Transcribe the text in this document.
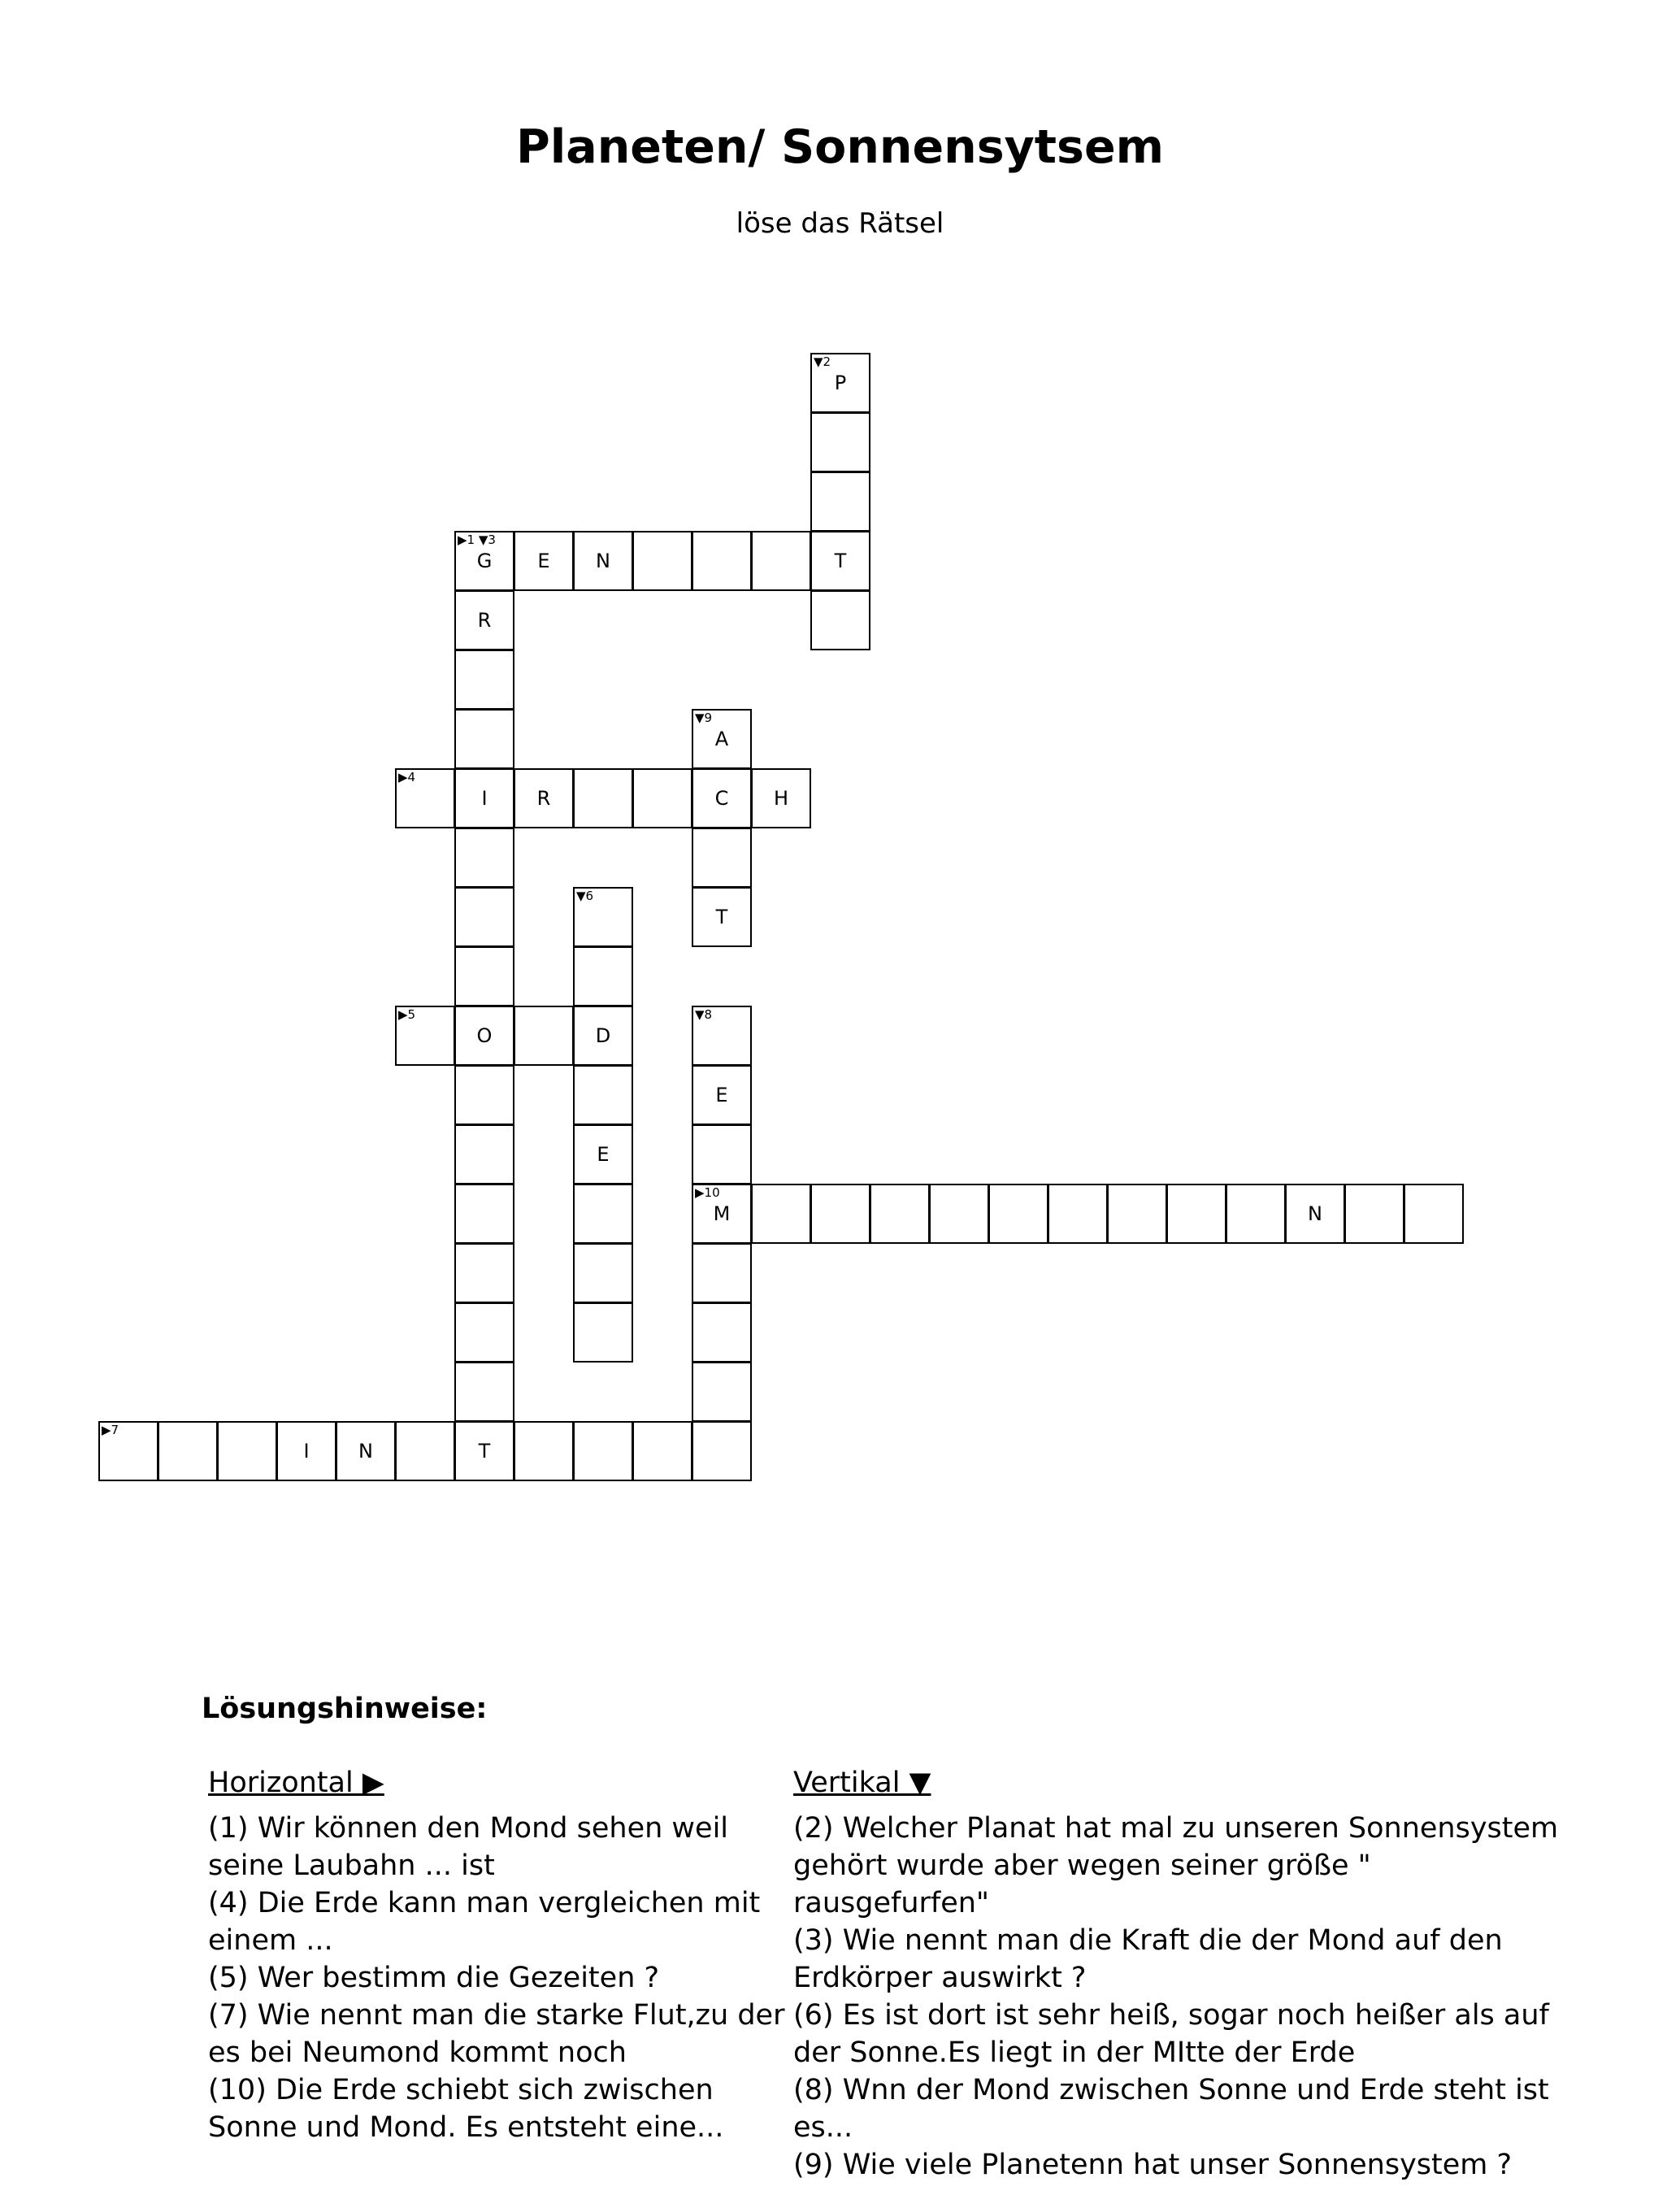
Planeten/ Sonnensytsem
löse das Rätsel
▼2
P
▶1 ▼3
G	E	N	T
R
▼9
A
▶4
I	R	C	H
▼6
T
▶5
O	D
▼8
E
E
▶10
M	N
▶7
I	N	T
Lösungshinweise:
Horizontal ▶

(1) Wir können den Mond sehen weil seine Laubahn ... ist

(4) Die Erde kann man vergleichen mit einem ...

(5) Wer bestimm die Gezeiten ?

(7) Wie nennt man die starke Flut,zu der es bei Neumond kommt noch

(10) Die Erde schiebt sich zwischen Sonne und Mond. Es entsteht eine...

Vertikal ▼

(2) Welcher Planat hat mal zu unseren Sonnensystem gehört wurde aber wegen seiner größe " rausgefurfen"

(3) Wie nennt man die Kraft die der Mond auf den Erdkörper auswirkt ?

(6) Es ist dort ist sehr heiß, sogar noch heißer als auf der Sonne.Es liegt in der MItte der Erde

(8) Wnn der Mond zwischen Sonne und Erde steht ist es...

(9) Wie viele Planetenn hat unser Sonnensystem ?
